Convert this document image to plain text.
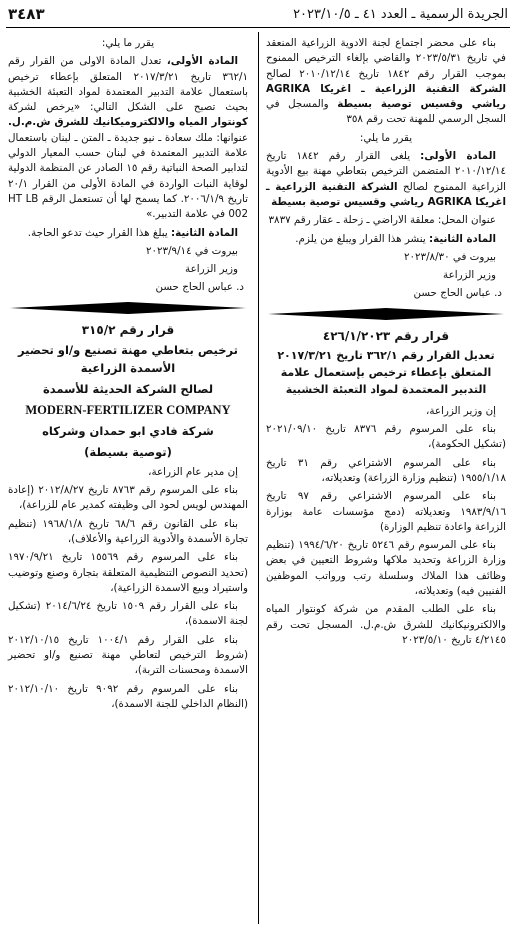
الجريدة الرسمية ـ العدد ٤١ ـ ٢٠٢٣/١٠/٥
٣٤٨٣

بناء على محضر اجتماع لجنة الادوية الزراعية المنعقد في تاريخ ٢٠٢٣/٥/٣١ والقاضي بإلغاء الترخيص الممنوح بموجب القرار رقم ١٨٤٢ تاريخ ٢٠١٠/١٢/١٤ لصالح الشركة التقنية الزراعية ـ اغريكا AGRIKA رياشي وقسيس توصية بسيطة والمسجل في السجل الرسمي للمهنة تحت رقم ٣٥٨

يقرر ما يلي:

المادة الأولى: يلغى القرار رقم ١٨٤٢ تاريخ ٢٠١٠/١٢/١٤ المتضمن الترخيص بتعاطي مهنة بيع الأدوية الزراعية الممنوح لصالح الشركة التقنية الزراعية ـ اغريكا AGRIKA رياشي وقسيس توصية بسيطة

عنوان المحل: معلقة الاراضي ـ زحلة ـ عقار رقم ٣٨٣٧

المادة الثانية: ينشر هذا القرار ويبلغ من يلزم.

بيروت في ٢٠٢٣/٨/٣٠

وزير الزراعة

د. عباس الحاج حسن

قرار رقم ٤٢٦/١/٢٠٢٣

تعديل القرار رقم ٣٦٢/١ تاريخ ٢٠١٧/٣/٢١ المتعلق بإعطاء ترخيص بإستعمال علامة التدبير المعتمدة لمواد التعبئة الخشبية

إن وزير الزراعة،

بناء على المرسوم رقم ٨٣٧٦ تاريخ ٢٠٢١/٠٩/١٠ (تشكيل الحكومة)،

بناء على المرسوم الاشتراعي رقم ٣١ تاريخ ١٩٥٥/١/١٨ (تنظيم وزارة الزراعة) وتعديلاته،

بناء على المرسوم الاشتراعي رقم ٩٧ تاريخ ١٩٨٣/٩/١٦ وتعديلاته (دمج مؤسسات عامة بوزارة الزراعة واعادة تنظيم الوزارة)

بناء على المرسوم رقم ٥٢٤٦ تاريخ ١٩٩٤/٦/٢٠ (تنظيم وزارة الزراعة وتحديد ملاكها وشروط التعيين في بعض وظائف هذا الملاك وسلسلة رتب ورواتب الموظفين الفنيين فيه) وتعديلاته،

بناء على الطلب المقدم من شركة كونتوار المياه والالكترونيكانيك للشرق ش.م.ل. المسجل تحت رقم ٤/٢١٤٥ تاريخ ٢٠٢٣/٥/١٠

يقرر ما يلي:

المادة الأولى، تعدل المادة الاولى من القرار رقم ٣٦٢/١ تاريخ ٢٠١٧/٣/٢١ المتعلق بإعطاء ترخيص باستعمال علامة التدبير المعتمدة لمواد التعبئة الخشبية بحيث تصبح على الشكل التالي: «يرخص لشركة كونتوار المياه والالكتروميكانيك للشرق ش.م.ل. عنوانها: ملك سعادة ـ نيو جديدة ـ المتن ـ لبنان باستعمال علامة التدبير المعتمدة في لبنان حسب المعيار الدولي لتدابير الصحة النباتية رقم ١٥ الصادر عن المنظمة الدولية لوقاية النبات الواردة في المادة الأولى من القرار ٢٠/١ تاريخ ٢٠٠٦/١/٩. كما يسمح لها أن تستعمل الرقم HT LB 002 في علامة التدبير.»

المادة الثانية: يبلغ هذا القرار حيث تدعو الحاجة.

بيروت في ٢٠٢٣/٩/١٤

وزير الزراعة

د. عباس الحاج حسن

قرار رقم ٣١٥/٢

ترخيص بتعاطي مهنة تصنيع و/او تحضير الأسمدة الزراعية

لصالح الشركة الحديثة للأسمدة

MODERN-FERTILIZER COMPANY

شركة فادي ابو حمدان وشركاه

(توصية بسيطة)

إن مدير عام الزراعة،

بناء على المرسوم رقم ٨٧٦٣ تاريخ ٢٠١٢/٨/٢٧ (إعادة المهندس لويس لحود الى وظيفته كمدير عام للزراعة)،

بناء على القانون رقم ٦٨/٦ تاريخ ١٩٦٨/١/٨ (تنظيم تجارة الأسمدة والأدوية الزراعية والأعلاف)،

بناء على المرسوم رقم ١٥٥٦٩ تاريخ ١٩٧٠/٩/٢١ (تحديد النصوص التنظيمية المتعلقة بتجارة وصنع وتوضيب واستيراد وبيع الاسمدة الزراعية)،

بناء على القرار رقم ١٥٠٩ تاريخ ٢٠١٤/٦/٢٤ (تشكيل لجنة الاسمدة)،

بناء على القرار رقم ١٠٠٤/١ تاريخ ٢٠١٢/١٠/١٥ (شروط الترخيص لتعاطي مهنة تصنيع و/او تحضير الاسمدة ومحسنات التربة)،

بناء على المرسوم رقم ٩٠٩٢ تاريخ ٢٠١٢/١٠/١٠ (النظام الداخلي للجنة الاسمدة)،
